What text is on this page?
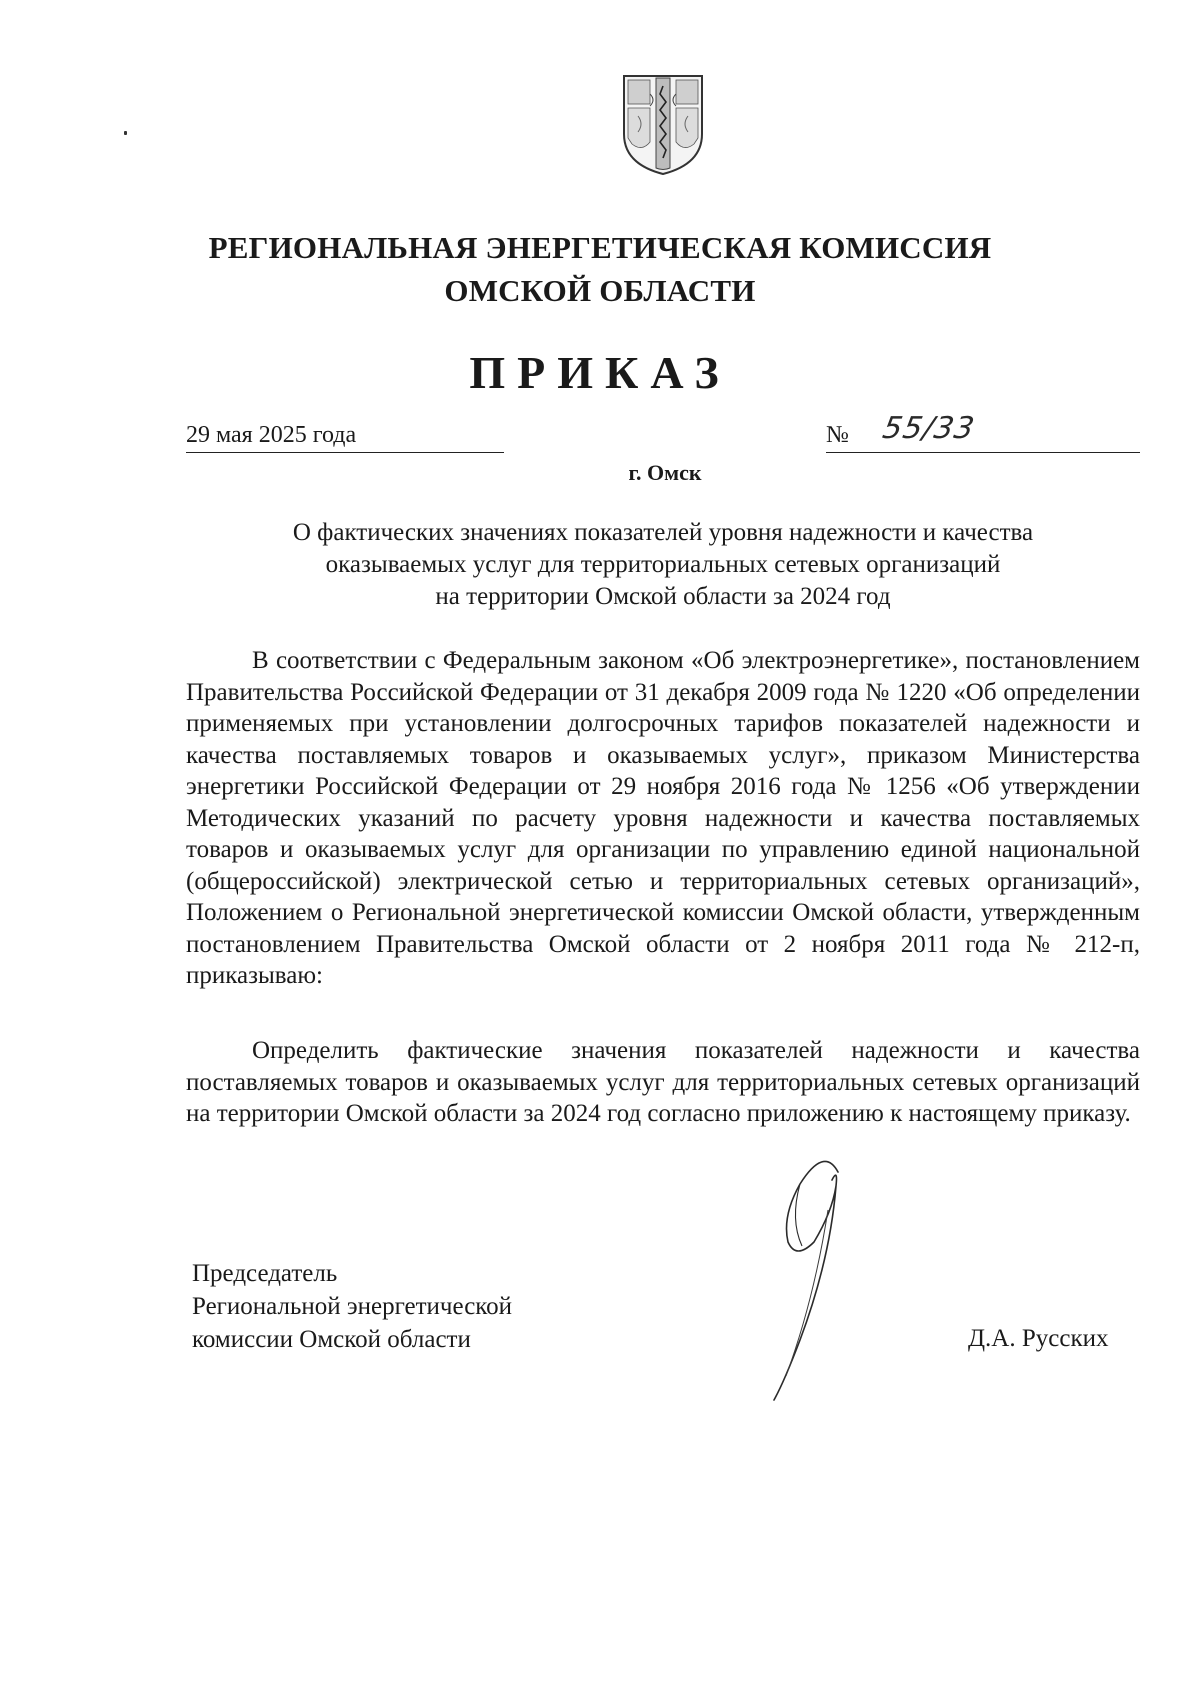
РЕГИОНАЛЬНАЯ ЭНЕРГЕТИЧЕСКАЯ КОМИССИЯ
ОМСКОЙ ОБЛАСТИ
ПРИКАЗ
29 мая 2025 года	№ 55/33
г. Омск
О фактических значениях показателей уровня надежности и качества
оказываемых услуг для территориальных сетевых организаций
на территории Омской области за 2024 год
В соответствии с Федеральным законом «Об электроэнергетике», постановлением Правительства Российской Федерации от 31 декабря 2009 года № 1220 «Об определении применяемых при установлении долгосрочных тарифов показателей надежности и качества поставляемых товаров и оказываемых услуг», приказом Министерства энергетики Российской Федерации от 29 ноября 2016 года № 1256 «Об утверждении Методических указаний по расчету уровня надежности и качества поставляемых товаров и оказываемых услуг для организации по управлению единой национальной (общероссийской) электрической сетью и территориальных сетевых организаций», Положением о Региональной энергетической комиссии Омской области, утвержденным постановлением Правительства Омской области от 2 ноября 2011 года № 212-п, приказываю:
Определить фактические значения показателей надежности и качества поставляемых товаров и оказываемых услуг для территориальных сетевых организаций на территории Омской области за 2024 год согласно приложению к настоящему приказу.
Председатель
Региональной энергетической
комиссии Омской области	Д.А. Русских
